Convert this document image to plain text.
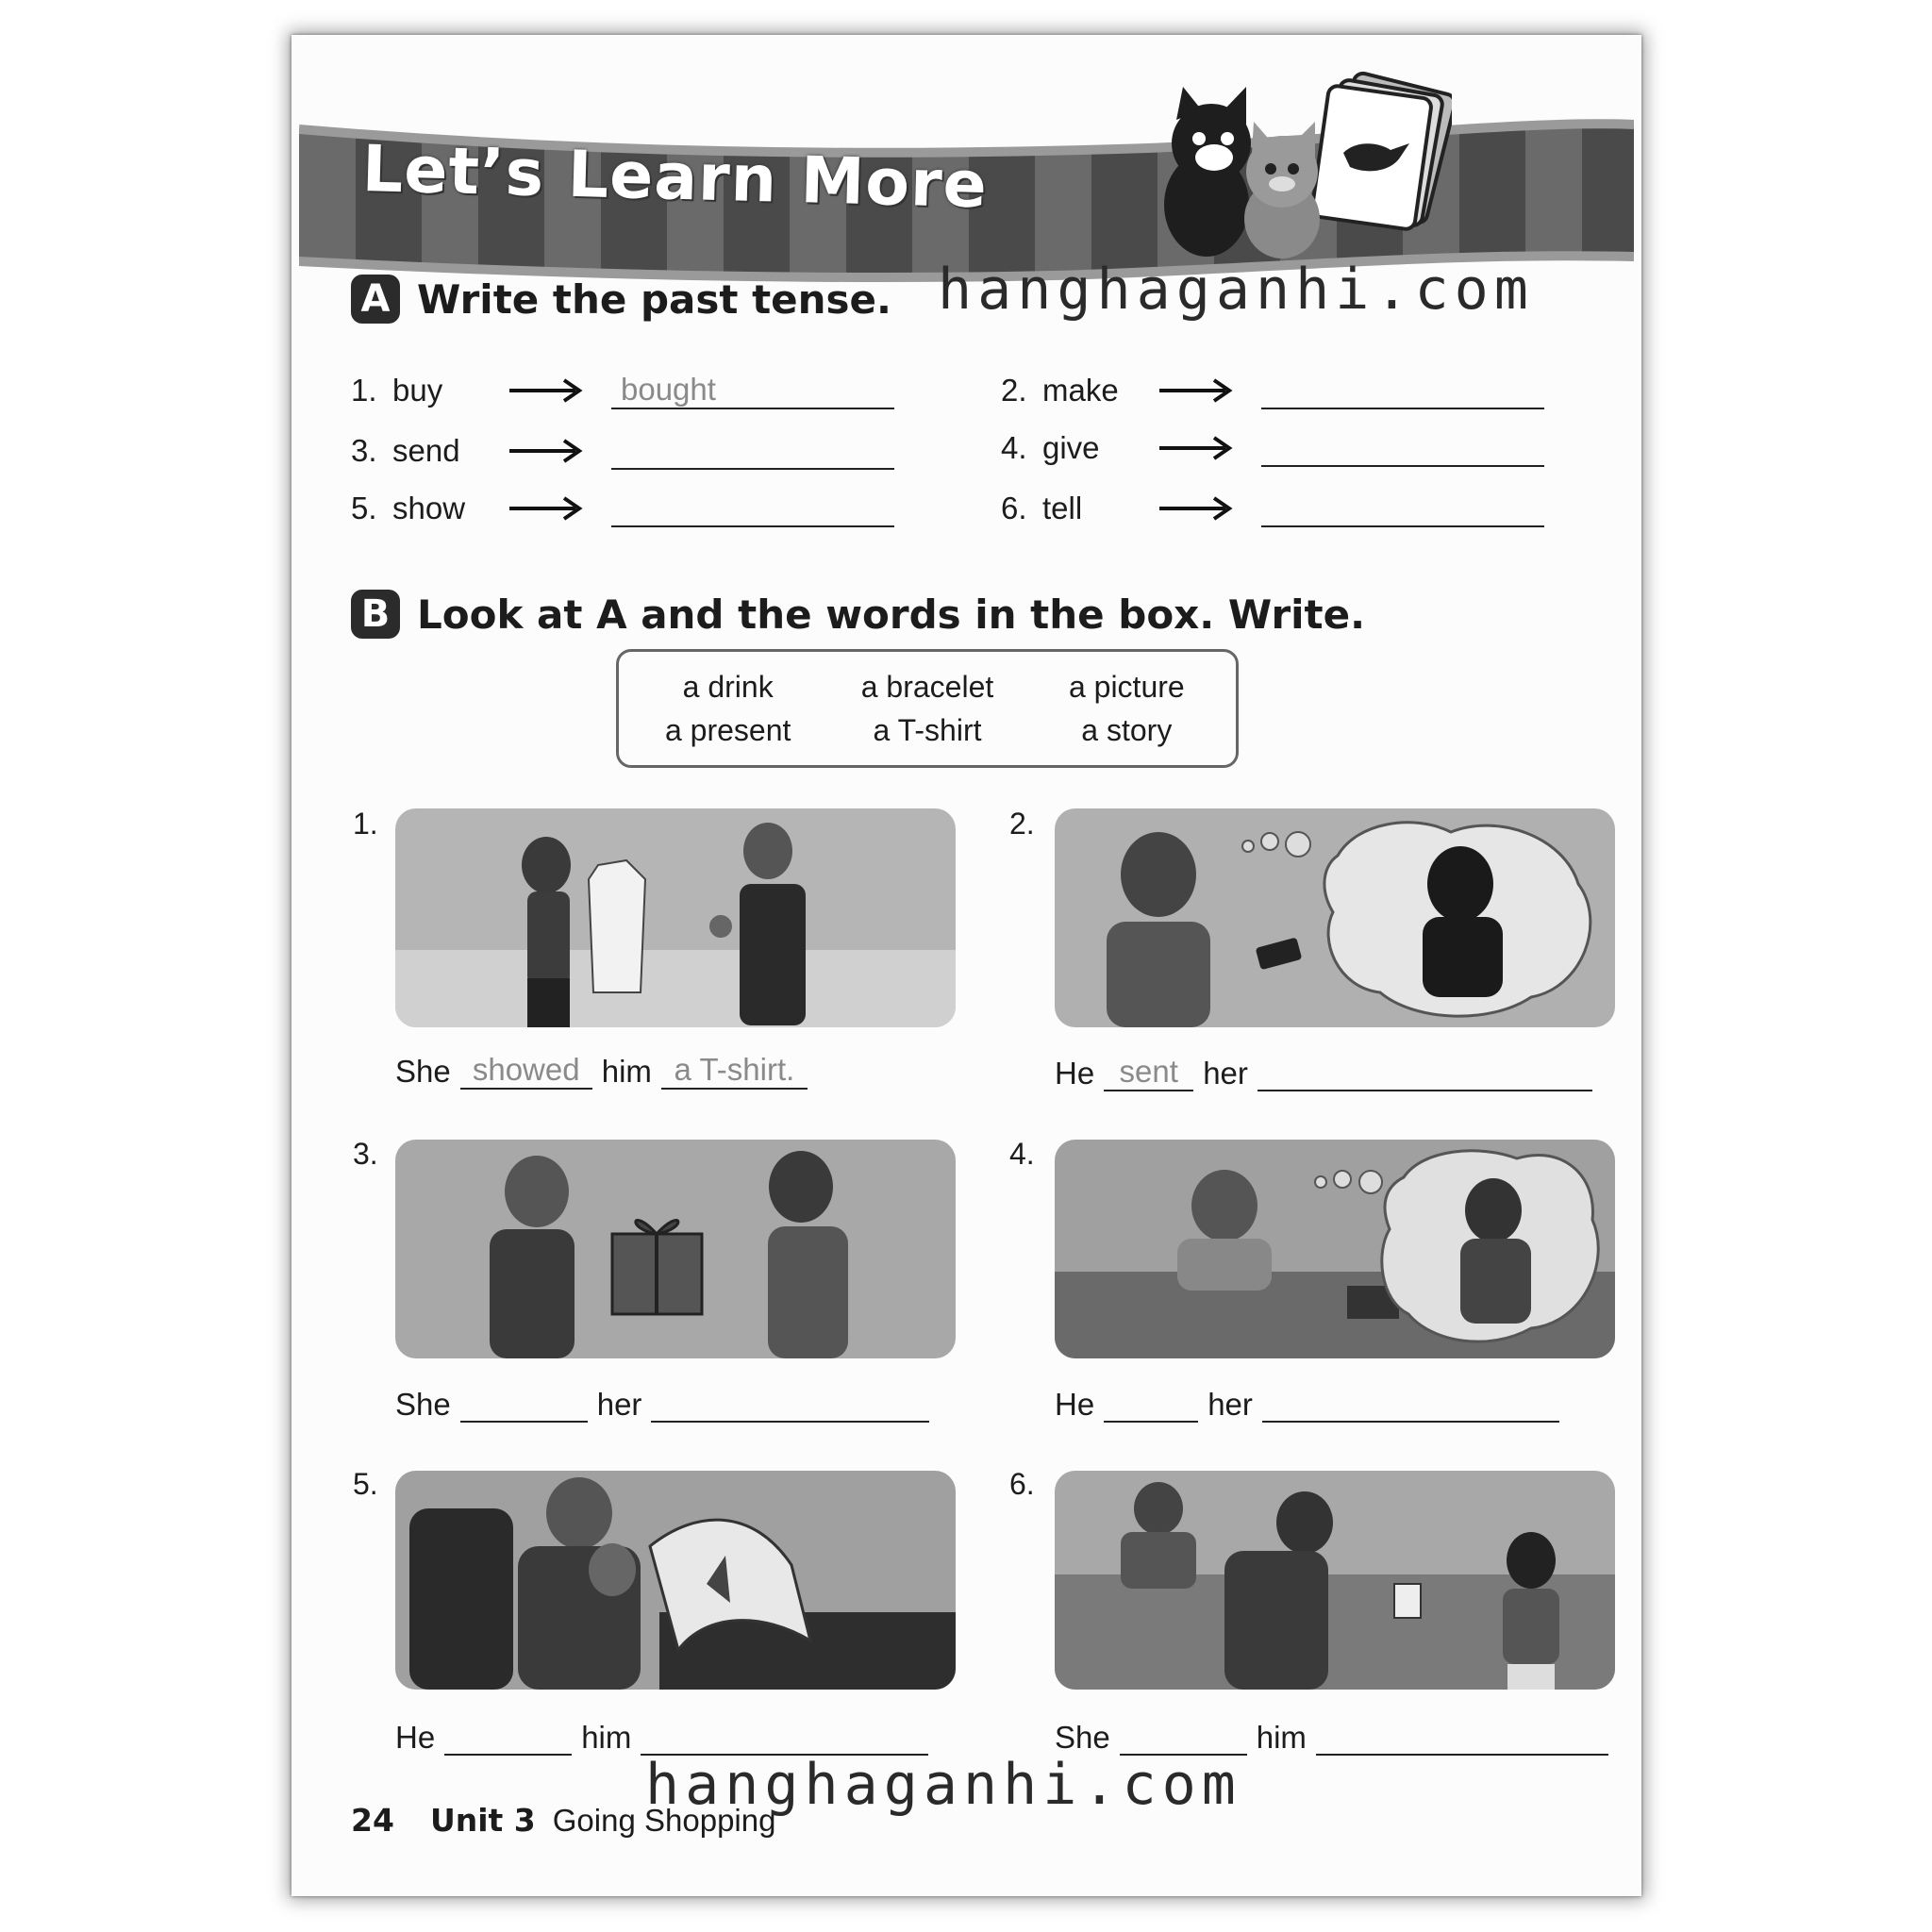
Let’s Learn More
A Write the past tense. hanghaganhi.com
1. buy	bought	2. make
3. send	4. give
5. show	6. tell
B Look at A and the words in the box. Write.
a drink	a bracelet	a picture
a present	a T-shirt	a story
1.
She showed him a T-shirt.
2.
He sent her
3.
She	her
4.
He	her
5.
He	him
6.
She	him
hanghaganhi.com
24 Unit 3 Going Shopping
